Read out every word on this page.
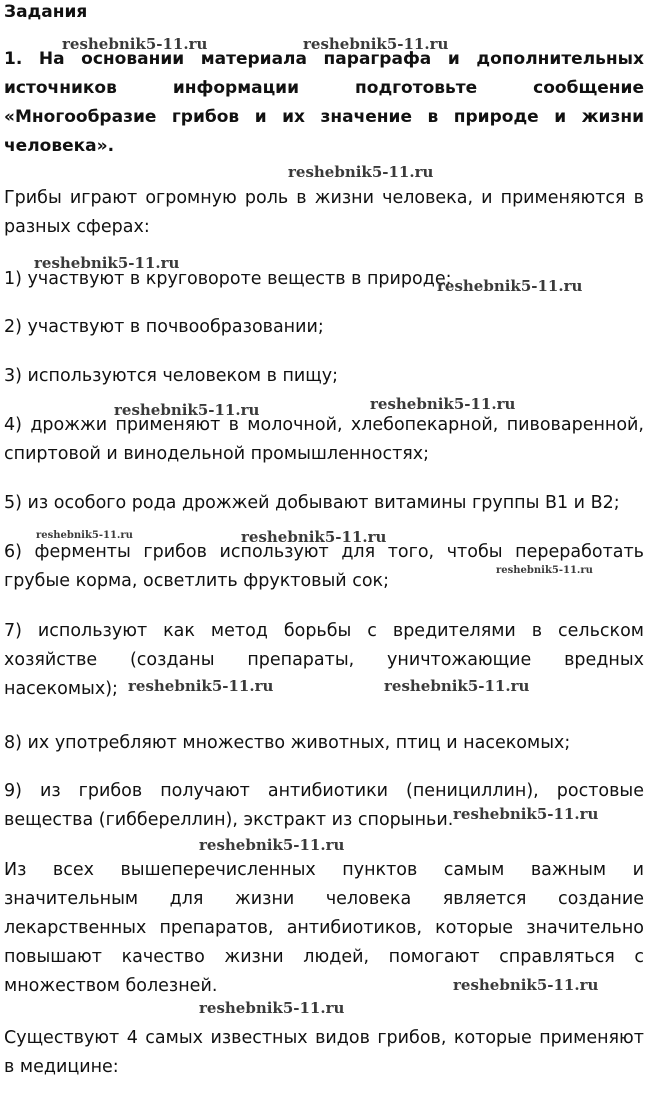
Задания

1. На основании материала параграфа и дополнительных источников информации подготовьте сообщение «Многообразие грибов и их значение в природе и жизни человека».

Грибы играют огромную роль в жизни человека, и применяются в разных сферах:

1) участвуют в круговороте веществ в природе;

2) участвуют в почвообразовании;

3) используются человеком в пищу;

4) дрожжи применяют в молочной, хлебопекарной, пивоваренной, спиртовой и винодельной промышленностях;

5) из особого рода дрожжей добывают витамины группы B1 и B2;

6) ферменты грибов используют для того, чтобы переработать грубые корма, осветлить фруктовый сок;

7) используют как метод борьбы с вредителями в сельском хозяйстве (созданы препараты, уничтожающие вредных насекомых);

8) их употребляют множество животных, птиц и насекомых;

9) из грибов получают антибиотики (пенициллин), ростовые вещества (гиббереллин), экстракт из спорыньи.

Из всех вышеперечисленных пунктов самым важным и значительным для жизни человека является создание лекарственных препаратов, антибиотиков, которые значительно повышают качество жизни людей, помогают справляться с множеством болезней.

Существуют 4 самых известных видов грибов, которые применяют в медицине:

reshebnik5-11.ru	reshebnik5-11.ru
reshebnik5-11.ru
reshebnik5-11.ru
reshebnik5-11.ru
reshebnik5-11.ru	reshebnik5-11.ru
reshebnik5-11.ru	reshebnik5-11.ru
reshebnik5-11.ru
reshebnik5-11.ru	reshebnik5-11.ru
reshebnik5-11.ru
reshebnik5-11.ru
reshebnik5-11.ru
reshebnik5-11.ru
